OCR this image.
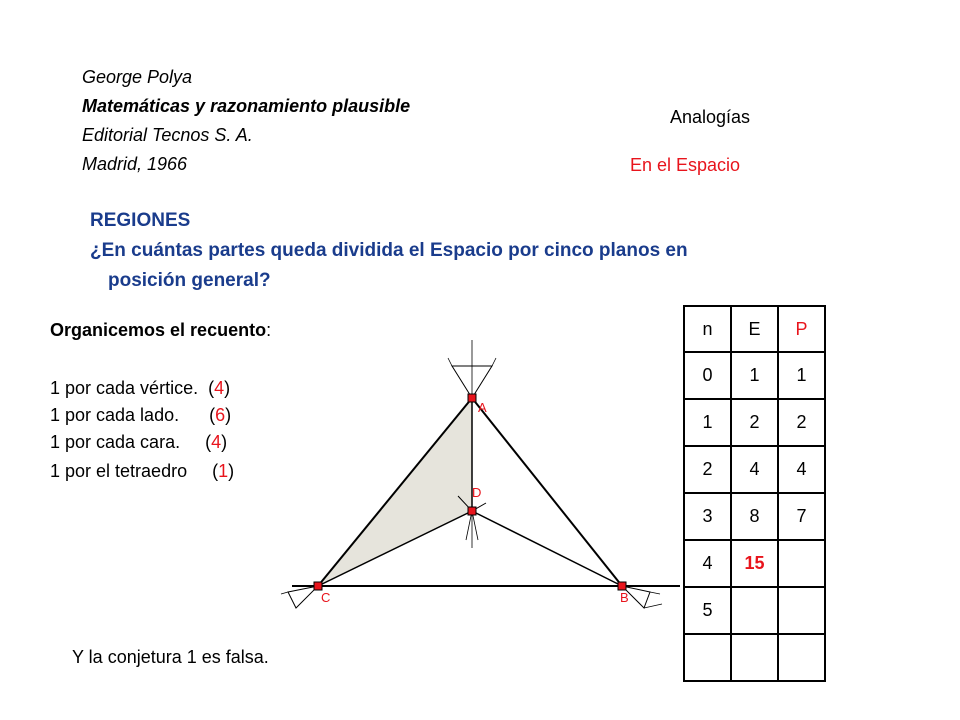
George Polya
Matemáticas y razonamiento plausible
Editorial Tecnos S. A.
Madrid, 1966
Analogías
En el Espacio
REGIONES
¿En cuántas partes queda dividida el Espacio por cinco planos en
posición general?
Organicemos el recuento:
1 por cada vértice. (4)
1 por cada lado. (6)
1 por cada cara. (4)
1 por el tetraedro (1)
A
D
C	B
n	E	P
0	1	1
1	2	2
2	4	4
3	8	7
4	15	
5		

Y la conjetura 1 es falsa.
